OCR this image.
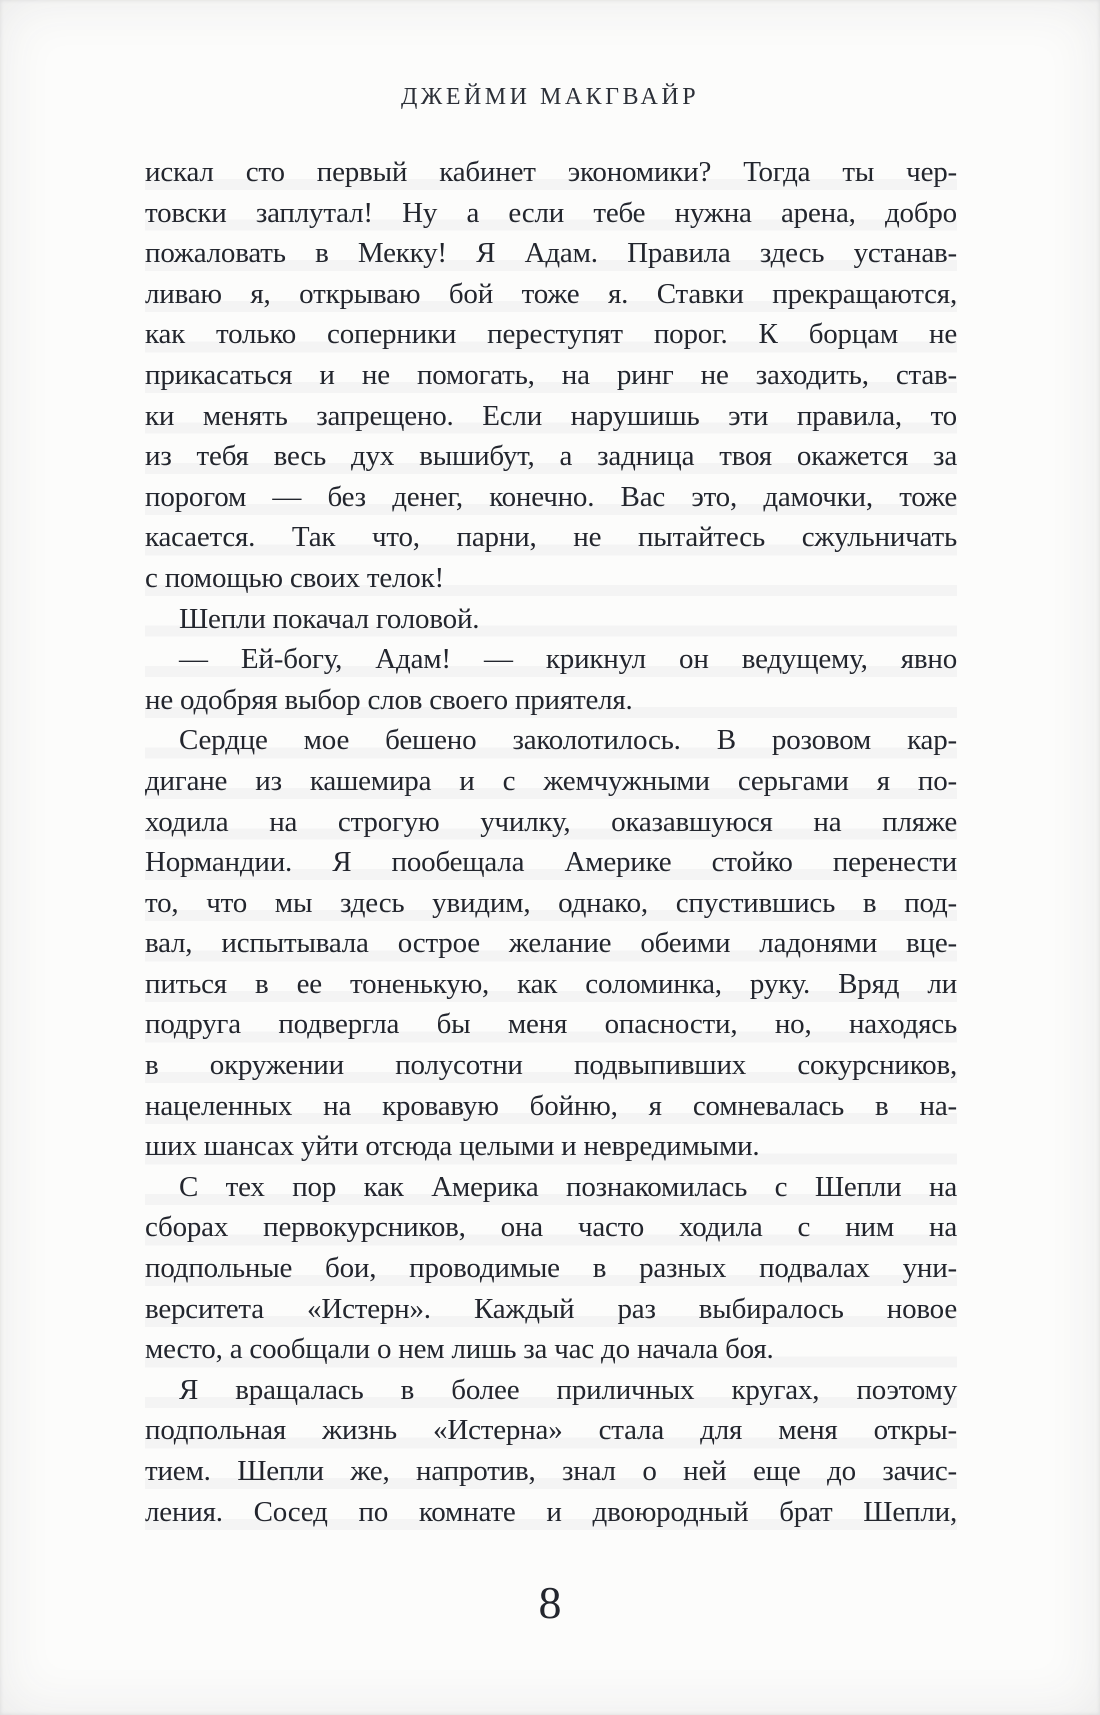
ДЖЕЙМИ МАКГВАЙР
искал сто первый кабинет экономики? Тогда ты чер-
товски заплутал! Ну а если тебе нужна арена, добро
пожаловать в Мекку! Я Адам. Правила здесь устанав-
ливаю я, открываю бой тоже я. Ставки прекращаются,
как только соперники переступят порог. К борцам не
прикасаться и не помогать, на ринг не заходить, став-
ки менять запрещено. Если нарушишь эти правила, то
из тебя весь дух вышибут, а задница твоя окажется за
порогом — без денег, конечно. Вас это, дамочки, тоже
касается. Так что, парни, не пытайтесь сжульничать
с помощью своих телок!
Шепли покачал головой.
— Ей-богу, Адам! — крикнул он ведущему, явно
не одобряя выбор слов своего приятеля.
Сердце мое бешено заколотилось. В розовом кар-
дигане из кашемира и с жемчужными серьгами я по-
ходила на строгую училку, оказавшуюся на пляже
Нормандии. Я пообещала Америке стойко перенести
то, что мы здесь увидим, однако, спустившись в под-
вал, испытывала острое желание обеими ладонями вце-
питься в ее тоненькую, как соломинка, руку. Вряд ли
подруга подвергла бы меня опасности, но, находясь
в окружении полусотни подвыпивших сокурсников,
нацеленных на кровавую бойню, я сомневалась в на-
ших шансах уйти отсюда целыми и невредимыми.
С тех пор как Америка познакомилась с Шепли на
сборах первокурсников, она часто ходила с ним на
подпольные бои, проводимые в разных подвалах уни-
верситета «Истерн». Каждый раз выбиралось новое
место, а сообщали о нем лишь за час до начала боя.
Я вращалась в более приличных кругах, поэтому
подпольная жизнь «Истерна» стала для меня откры-
тием. Шепли же, напротив, знал о ней еще до зачис-
ления. Сосед по комнате и двоюродный брат Шепли,
8
